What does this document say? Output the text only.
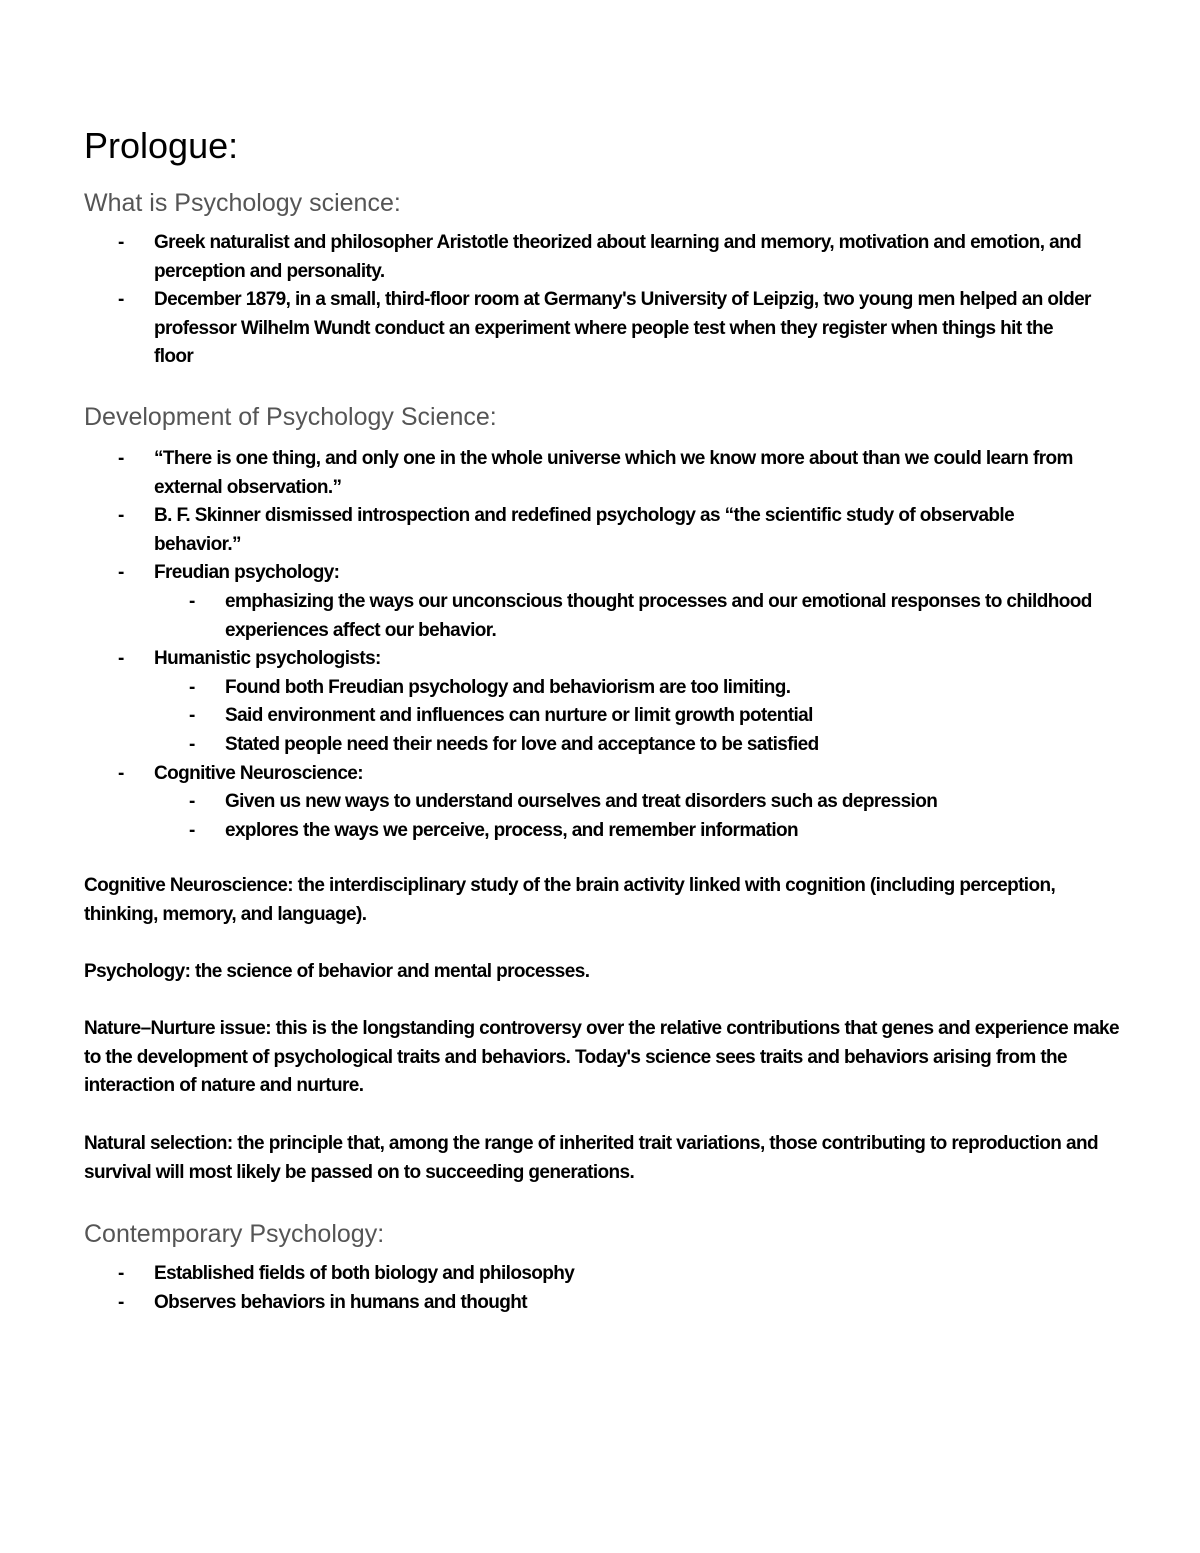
Prologue:
What is Psychology science:
- Greek naturalist and philosopher Aristotle theorized about learning and memory, motivation and emotion, and perception and personality.
- December 1879, in a small, third-floor room at Germany's University of Leipzig, two young men helped an older professor Wilhelm Wundt conduct an experiment where people test when they register when things hit the floor
Development of Psychology Science:
- “There is one thing, and only one in the whole universe which we know more about than we could learn from external observation.”
- B. F. Skinner dismissed introspection and redefined psychology as “the scientific study of observable behavior.”
- Freudian psychology:
- emphasizing the ways our unconscious thought processes and our emotional responses to childhood experiences affect our behavior.
- Humanistic psychologists:
- Found both Freudian psychology and behaviorism are too limiting.
- Said environment and influences can nurture or limit growth potential
- Stated people need their needs for love and acceptance to be satisfied
- Cognitive Neuroscience:
- Given us new ways to understand ourselves and treat disorders such as depression
- explores the ways we perceive, process, and remember information

Cognitive Neuroscience: the interdisciplinary study of the brain activity linked with cognition (including perception, thinking, memory, and language).

Psychology: the science of behavior and mental processes.

Nature–Nurture issue: this is the longstanding controversy over the relative contributions that genes and experience make to the development of psychological traits and behaviors. Today's science sees traits and behaviors arising from the interaction of nature and nurture.

Natural selection: the principle that, among the range of inherited trait variations, those contributing to reproduction and survival will most likely be passed on to succeeding generations.

Contemporary Psychology:
- Established fields of both biology and philosophy
- Observes behaviors in humans and thought
